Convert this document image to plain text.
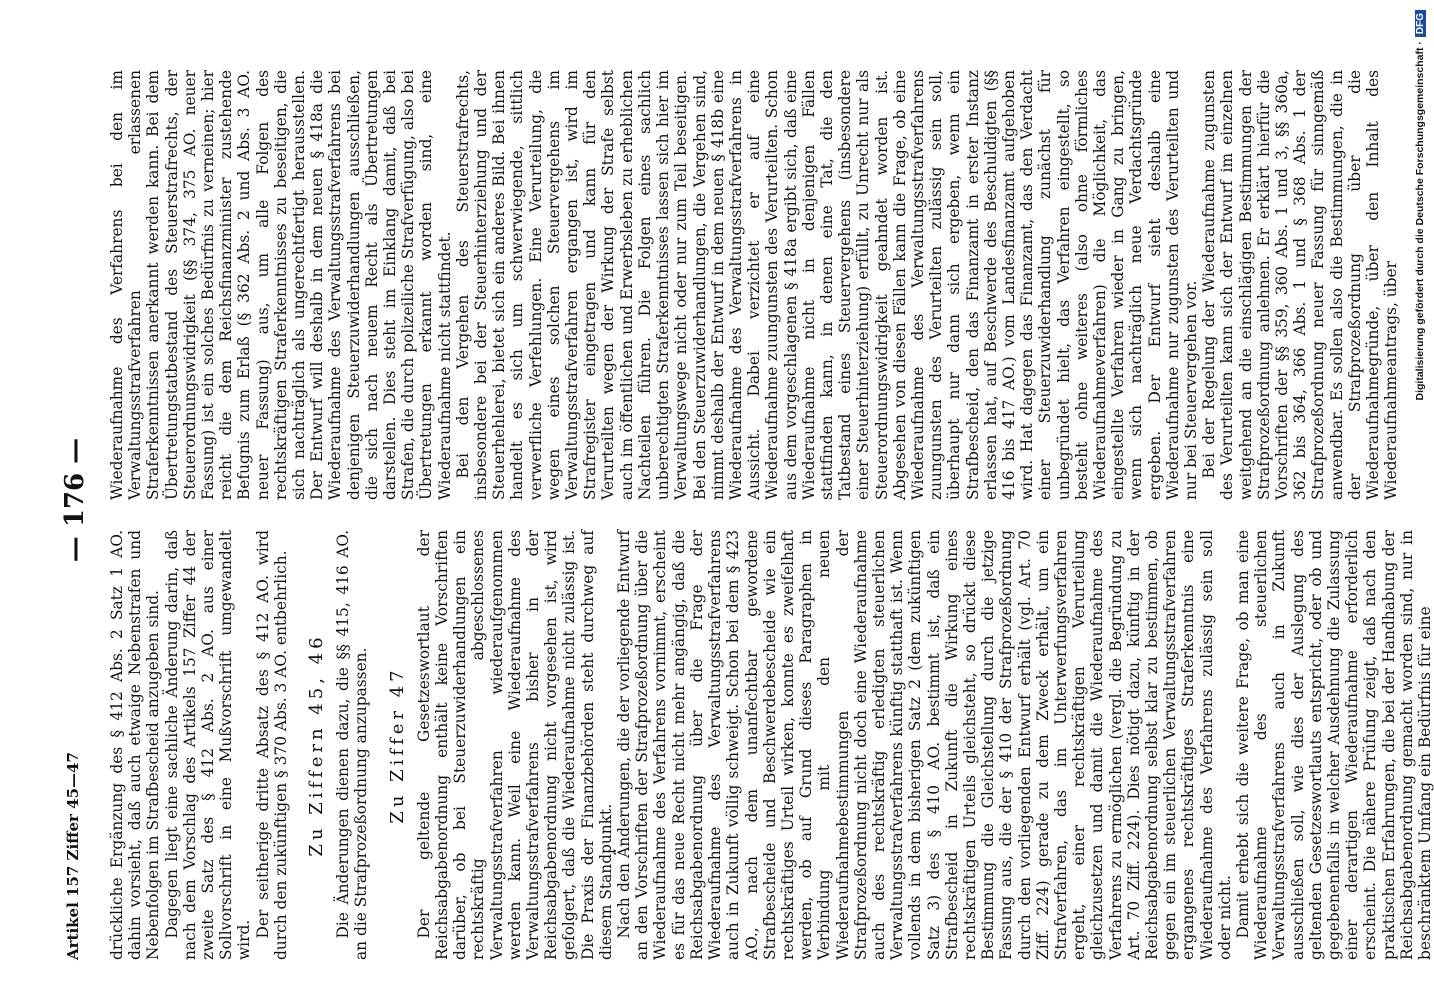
Artikel 157 Ziffer 45—47
— 176 —

drückliche Ergänzung des § 412 Abs. 2 Satz 1 AO. dahin vorsieht, daß auch etwaige Nebenstrafen und Nebenfolgen im Strafbescheid anzugeben sind. Dagegen liegt eine sachliche Änderung darin, daß nach dem Vorschlag des Artikels 157 Ziffer 44 der zweite Satz des § 412 Abs. 2 AO. aus einer Sollvorschrift in eine Mußvorschrift umgewandelt wird.

Der seitherige dritte Absatz des § 412 AO. wird durch den zukünftigen § 370 Abs. 3 AO. entbehrlich. Zu Ziffern 45, 46 Die Änderungen dienen dazu, die §§ 415, 416 AO. an die Strafprozeßordnung anzupassen. Zu Ziffer 47 Der geltende Gesetzeswortlaut der Reichsabgabenordnung enthält keine Vorschriften darüber, ob bei Steuerzuwiderhandlungen ein rechtskräftig abgeschlossenes Verwaltungsstrafverfahren wiederaufgenommen werden kann. Weil eine Wiederaufnahme des Verwaltungsstrafverfahrens bisher in der Reichsabgabenordnung nicht vorgesehen ist, wird gefolgert, daß die Wiederaufnahme nicht zulässig ist. Die Praxis der Finanzbehörden steht durchweg auf diesem Standpunkt. Nach den Änderungen, die der vorliegende Entwurf an den Vorschriften der Strafprozeßordnung über die Wiederaufnahme des Verfahrens vornimmt, erscheint es für das neue Recht nicht mehr angängig, daß die Reichsabgabenordnung über die Frage der Wiederaufnahme des Verwaltungsstrafverfahrens auch in Zukunft völlig schweigt. Schon bei dem § 423 AO., nach dem unanfechtbar gewordene Strafbescheide und Beschwerdebescheide wie ein rechtskräftiges Urteil wirken, konnte es zweifelhaft werden, ob auf Grund dieses Paragraphen in Verbindung mit den neuen Wiederaufnahmebestimmungen der Strafprozeßordnung nicht doch eine Wiederaufnahme auch des rechtskräftig erledigten steuerlichen Verwaltungsstrafverfahrens künftig statthaft ist. Wenn vollends in dem bisherigen Satz 2 (dem zukünftigen Satz 3) des § 410 AO. bestimmt ist, daß ein Strafbescheid in Zukunft die Wirkung eines rechtskräftigen Urteils gleichsteht, so drückt diese Bestimmung die Gleichstellung durch die jetzige Fassung aus, die der § 410 der Strafprozeßordnung durch den vorliegenden Entwurf erhält (vgl. Art. 70 Ziff. 224) gerade zu dem Zweck erhält, um ein Strafverfahren, das im Unterwerfungsverfahren ergeht, einer rechtskräftigen Verurteilung gleichzusetzen und damit die Wiederaufnahme des Verfahrens zu ermöglichen (vergl. die Begründung zu Art. 70 Ziff. 224). Dies nötigt dazu, künftig in der Reichsabgabenordnung selbst klar zu bestimmen, ob gegen ein im steuerlichen Verwaltungsstrafverfahren ergangenes rechtskräftiges Straferkenntnis eine Wiederaufnahme des Verfahrens zulässig sein soll oder nicht. Damit erhebt sich die weitere Frage, ob man eine Wiederaufnahme des steuerlichen Verwaltungsstrafverfahrens auch in Zukunft ausschließen soll, wie dies der Auslegung des geltenden Gesetzeswortlauts entspricht, oder ob und gegebenenfalls in welcher Ausdehnung die Zulassung einer derartigen Wiederaufnahme erforderlich erscheint. Die nähere Prüfung zeigt, daß nach den praktischen Erfahrungen, die bei der Handhabung der Reichsabgabenordnung gemacht worden sind, nur in beschränktem Umfang ein Bedürfnis für eine

Wiederaufnahme des Verfahrens bei den im Verwaltungsstrafverfahren erlassenen Straferkenntnissen anerkannt werden kann. Bei dem Übertretungstatbestand des Steuerstrafrechts, der Steuerordnungswidrigkeit (§§ 374, 375 AO. neuer Fassung) ist ein solches Bedürfnis zu verneinen; hier reicht die dem Reichsfinanzminister zustehende Befugnis zum Erlaß (§ 362 Abs. 2 und Abs. 3 AO. neuer Fassung) aus, um alle Folgen des rechtskräftigen Straferkenntnisses zu beseitigen, die sich nachträglich als ungerechtfertigt herausstellen. Der Entwurf will deshalb in dem neuen § 418a die Wiederaufnahme des Verwaltungsstrafverfahrens bei denjenigen Steuerzuwiderhandlungen ausschließen, die sich nach neuem Recht als Übertretungen darstellen. Dies steht im Einklang damit, daß bei Strafen, die durch polizeiliche Strafverfügung, also bei Übertretungen erkannt worden sind, eine Wiederaufnahme nicht stattfindet. Bei den Vergehen des Steuerstrafrechts, insbesondere bei der Steuerhinterziehung und der Steuerhehlerei, bietet sich ein anderes Bild. Bei ihnen handelt es sich um schwerwiegende, sittlich verwerfliche Verfehlungen. Eine Verurteilung, die wegen eines solchen Steuervergehens im Verwaltungsstrafverfahren ergangen ist, wird im Strafregister eingetragen und kann für den Verurteilten wegen der Wirkung der Strafe selbst auch im öffentlichen und Erwerbsleben zu erheblichen Nachteilen führen. Die Folgen eines sachlich unberechtigten Straferkenntnisses lassen sich hier im Verwaltungswege nicht oder nur zum Teil beseitigen. Bei den Steuerzuwiderhandlungen, die Vergehen sind, nimmt deshalb der Entwurf in dem neuen § 418b eine Wiederaufnahme des Verwaltungsstrafverfahrens in Aussicht. Dabei verzichtet er auf eine Wiederaufnahme zuungunsten des Verurteilten. Schon aus dem vorgeschlagenen § 418a ergibt sich, daß eine Wiederaufnahme nicht in denjenigen Fällen stattfinden kann, in denen eine Tat, die den Tatbestand eines Steuervergehens (insbesondere einer Steuerhinterziehung) erfüllt, zu Unrecht nur als Steuerordnungswidrigkeit geahndet worden ist. Abgesehen von diesen Fällen kann die Frage, ob eine Wiederaufnahme des Verwaltungsstrafverfahrens zuungunsten des Verurteilten zulässig sein soll, überhaupt nur dann sich ergeben, wenn ein Strafbescheid, den das Finanzamt in erster Instanz erlassen hat, auf Beschwerde des Beschuldigten (§§ 416 bis 417 AO.) vom Landesfinanzamt aufgehoben wird. Hat dagegen das Finanzamt, das den Verdacht einer Steuerzuwiderhandlung zunächst für unbegründet hielt, das Verfahren eingestellt, so besteht ohne weiteres (also ohne förmliches Wiederaufnahmeverfahren) die Möglichkeit, das eingestellte Verfahren wieder in Gang zu bringen, wenn sich nachträglich neue Verdachtsgründe ergeben. Der Entwurf sieht deshalb eine Wiederaufnahme nur zugunsten des Verurteilten und nur bei Steuervergehen vor. Bei der Regelung der Wiederaufnahme zugunsten des Verurteilten kann sich der Entwurf im einzelnen weitgehend an die einschlägigen Bestimmungen der Strafprozeßordnung anlehnen. Er erklärt hierfür die Vorschriften der §§ 359, 360 Abs. 1 und 3, §§ 360a, 362 bis 364, 366 Abs. 1 und § 368 Abs. 1 der Strafprozeßordnung neuer Fassung für sinngemäß anwendbar. Es sollen also die Bestimmungen, die in der Strafprozeßordnung über die Wiederaufnahmegründe, über den Inhalt des Wiederaufnahmeantrags, über Digitalisierung gefördert durch die Deutsche Forschungsgemeinschaft ·DFG
